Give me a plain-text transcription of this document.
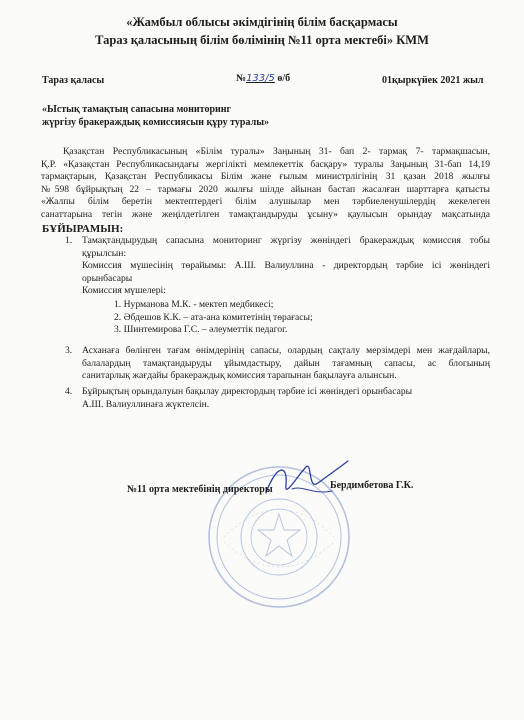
«Жамбыл облысы әкімдігінің білім басқармасы
Тараз қаласының білім бөлімінің №11 орта мектебі» КММ
Тараз қаласы	№133/5 ө/б	01қыркүйек 2021 жыл
«Ыстық тамақтың сапасына мониторинг
жүргізу бракераждық комиссиясын құру туралы»
Қазақстан Республикасының «Білім туралы» Заңының 31- бап 2- тармақ 7- тармақшасын,
Қ.Р. «Қазақстан Республикасындағы жергілікті мемлекеттік басқару» туралы Заңының 31-бап 14,19
тармақтарын, Қазақстан Республикасы Білім және ғылым министрлігінің 31 қазан 2018 жылғы
№598 бұйрықтың 22 – тармағы 2020 жылғы шілде айынан бастап жасалған шарттарға қатысты
«Жалпы білім беретін мектептердегі білім алушылар мен тәрбиеленушілердің жекелеген
санаттарына тегін және жеңілдетілген тамақтандыруды ұсыну» қаулысын орындау мақсатында
БҰЙЫРАМЫН:
1. Тамақтандырудың сапасына мониторинг жүргізу жөніндегі бракераждық комиссия тобы
құрылсын:
Комиссия мүшесінің төрайымы: А.Ш. Валиуллина - директордың тәрбие ісі жөніндегі
орынбасары
Комиссия мүшелері:
1. Нурманова М.К. - мектеп медбикесі;
2. Әбдешов К.К. – ата-ана комитетінің төрағасы;
3. Шинтемирова Г.С. – әлеуметтік педагог.
3. Асханаға бөлінген тағам өнімдерінің сапасы, олардың сақталу мерзімдері мен жағдайлары,
балалардың тамақтандыруды ұйымдастыру, дайын тағамның сапасы, ас блогының
санитарлық жағдайы бракераждық комиссия тарапынан бақылауға алынсын.
4. Бұйрықтың орындалуын бақылау директордың тәрбие ісі жөніндегі орынбасары
А.Ш. Валиуллинаға жүктелсін.
№11 орта мектебінің директоры	Бердимбетова Г.К.
